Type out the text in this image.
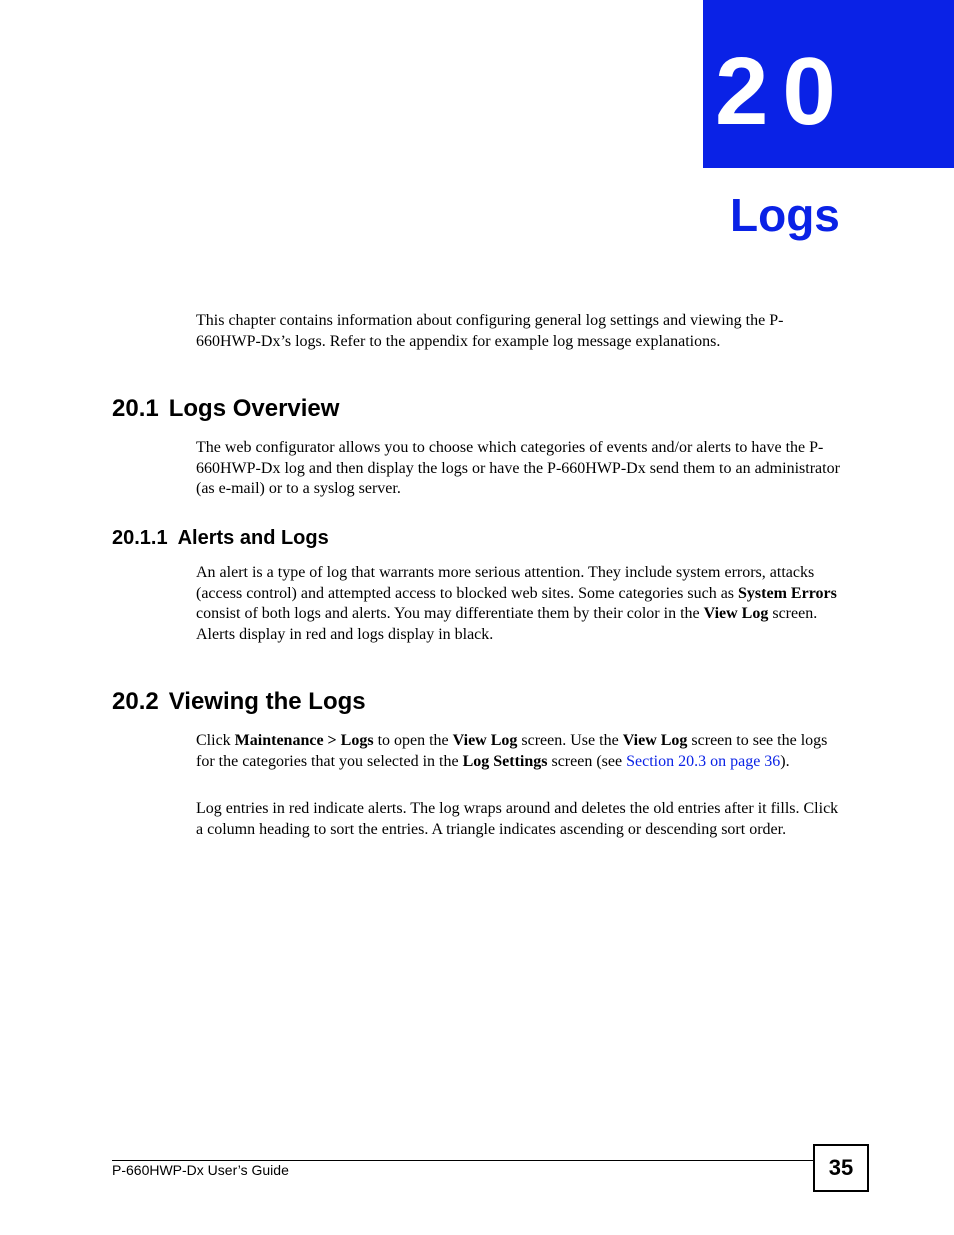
20
Logs

This chapter contains information about configuring general log settings and viewing the P-660HWP-Dx’s logs. Refer to the appendix for example log message explanations.

20.1 Logs Overview

The web configurator allows you to choose which categories of events and/or alerts to have the P-660HWP-Dx log and then display the logs or have the P-660HWP-Dx send them to an administrator (as e-mail) or to a syslog server.

20.1.1 Alerts and Logs

An alert is a type of log that warrants more serious attention. They include system errors, attacks (access control) and attempted access to blocked web sites. Some categories such as System Errors consist of both logs and alerts. You may differentiate them by their color in the View Log screen. Alerts display in red and logs display in black.

20.2 Viewing the Logs

Click Maintenance > Logs to open the View Log screen. Use the View Log screen to see the logs for the categories that you selected in the Log Settings screen (see Section 20.3 on page 36).

Log entries in red indicate alerts. The log wraps around and deletes the old entries after it fills. Click a column heading to sort the entries. A triangle indicates ascending or descending sort order.

P-660HWP-Dx User’s Guide	35
